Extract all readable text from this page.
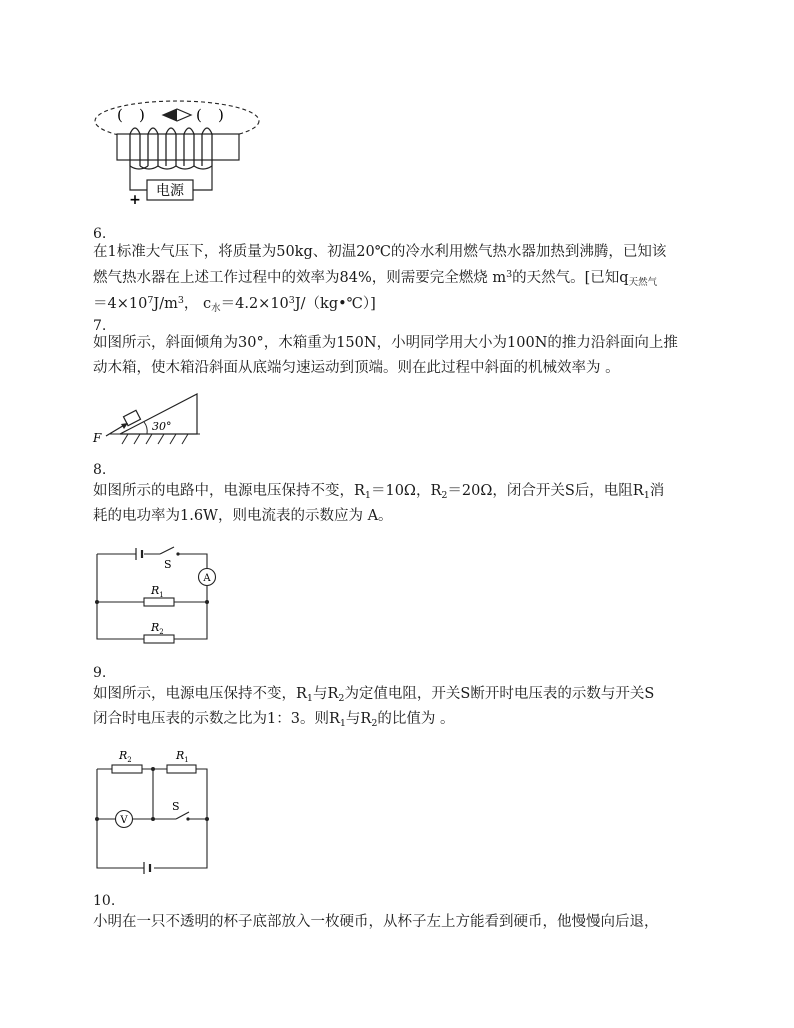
电源
+
( )	( )
6.
在1标准大气压下，将质量为50kg、初温20℃的冷水利用燃气热水器加热到沸腾，已知该
燃气热水器在上述工作过程中的效率为84%，则需要完全燃烧 $m^3$的天然气。[已知$q_{天然气}$
$=4\times 10^7J/m^3$， $c_水=4.2\times 10^3J/(kg•℃)$]
7.
如图所示，斜面倾角为30°，木箱重为150N，小明同学用大小为100N的推力沿斜面向上推
动木箱，使木箱沿斜面从底端匀速运动到顶端。则在此过程中斜面的机械效率为 。
F
30°
8.
如图所示的电路中，电源电压保持不变，$R_1=10\Omega$，$R_2=20\Omega$，闭合开关S后，电阻$R_1$消
耗的电功率为1.6W，则电流表的示数应为 A。
S
A
$R_1$
$R_2$
9.
如图所示，电源电压保持不变，$R_1$与$R_2$为定值电阻，开关S断开时电压表的示数与开关S
闭合时电压表的示数之比为1：3。则$R_1$与$R_2$的比值为 。
$R_2$	$R_1$
V
S
10.
小明在一只不透明的杯子底部放入一枚硬币，从杯子左上方能看到硬币，他慢慢向后退，
